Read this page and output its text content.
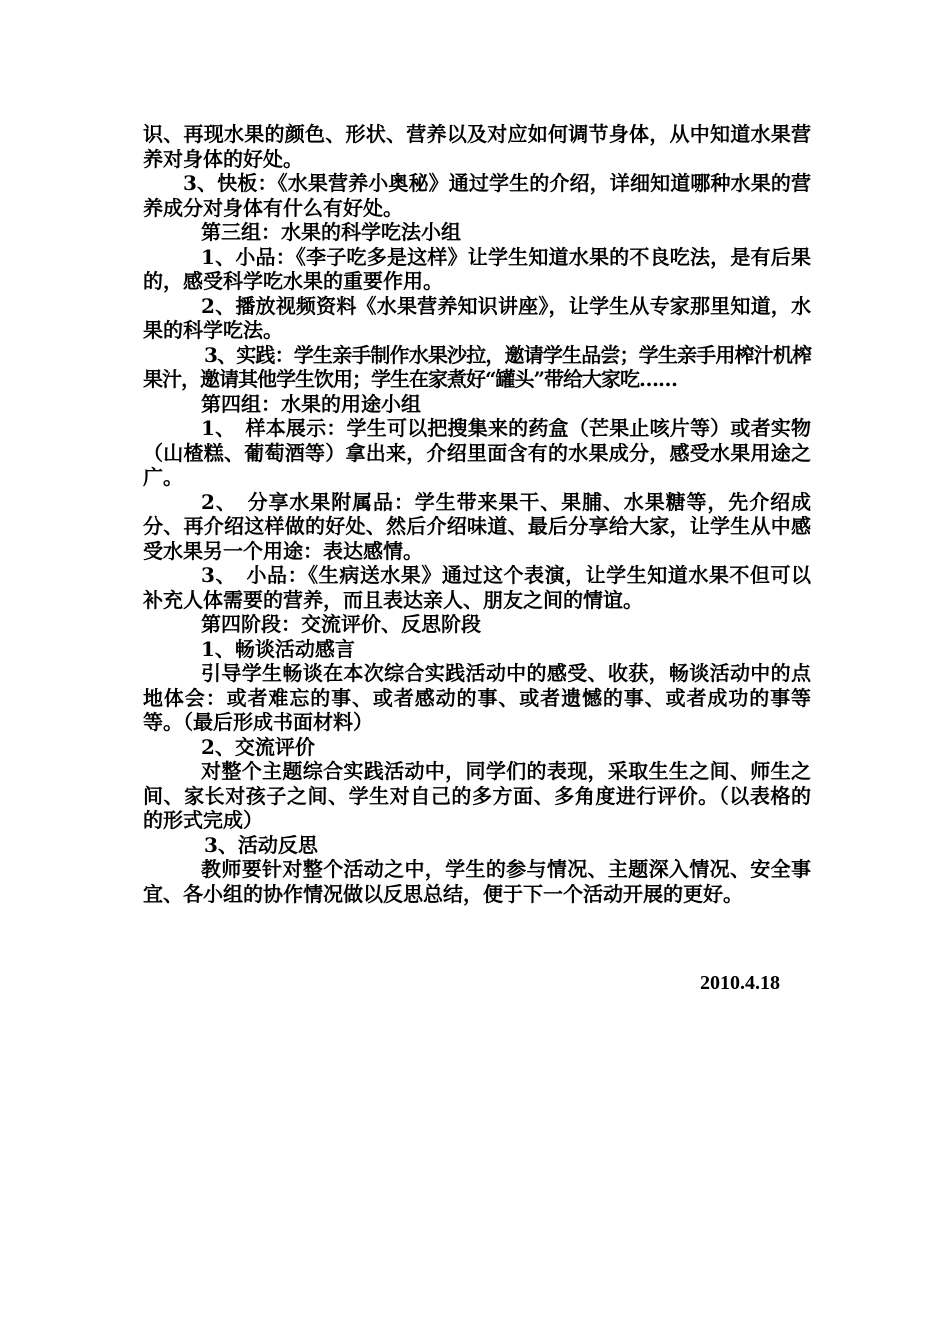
识、再现水果的颜色、形状、营养以及对应如何调节身体，从中知道水果营养对身体的好处。

3、快板：《水果营养小奥秘》通过学生的介绍，详细知道哪种水果的营养成分对身体有什么有好处。

第三组：水果的科学吃法小组

1、小品：《李子吃多是这样》让学生知道水果的不良吃法，是有后果的，感受科学吃水果的重要作用。

2、播放视频资料《水果营养知识讲座》，让学生从专家那里知道，水果的科学吃法。

3、实践：学生亲手制作水果沙拉，邀请学生品尝；学生亲手用榨汁机榨果汁，邀请其他学生饮用；学生在家煮好“罐头”带给大家吃……

第四组：水果的用途小组

1、　样本展示：学生可以把搜集来的药盒（芒果止咳片等）或者实物（山楂糕、葡萄酒等）拿出来，介绍里面含有的水果成分，感受水果用途之广。

2、　分享水果附属品：学生带来果干、果脯、水果糖等，先介绍成分、再介绍这样做的好处、然后介绍味道、最后分享给大家，让学生从中感受水果另一个用途：表达感情。

3、　小品：《生病送水果》通过这个表演，让学生知道水果不但可以补充人体需要的营养，而且表达亲人、朋友之间的情谊。

第四阶段：交流评价、反思阶段

1、畅谈活动感言

引导学生畅谈在本次综合实践活动中的感受、收获，畅谈活动中的点地体会：或者难忘的事、或者感动的事、或者遗憾的事、或者成功的事等等。（最后形成书面材料）

2、交流评价

对整个主题综合实践活动中，同学们的表现，采取生生之间、师生之间、家长对孩子之间、学生对自己的多方面、多角度进行评价。（以表格的的形式完成）

3、活动反思

教师要针对整个活动之中，学生的参与情况、主题深入情况、安全事宜、各小组的协作情况做以反思总结，便于下一个活动开展的更好。

2010.4.18
